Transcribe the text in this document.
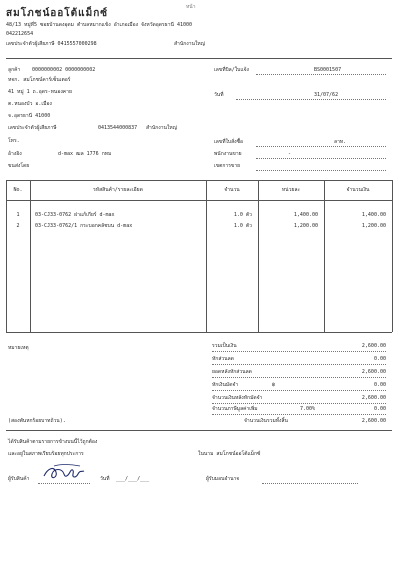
หน้า
สมโภชน์ออโต้แม็กซ์
48/13 หมู่ที่5 ซอยบ้านดงอุดม ตำบลหมากแข้ง อำเภอเมือง จังหวัดอุดรธานี 41000
042212654
เลขประจำตัวผู้เสียภาษี 0415557000298	สำนักงานใหญ่
ลูกค้า 0000000002 0000000002
หจก. สมโภชน์คาร์เซ็นเตอร์
41 หมู่ 1 ถ.อุดร-หนองคาย
ต.หนองบัว อ.เมือง
จ.อุดรธานี 41000
เลขประจำตัวผู้เสียภาษี	0413544000837 สำนักงานใหญ่
โทร.
อ้างอิง	d-max ฒล 1776 กทม
ขนส่งโดย
เลขที่บิล/ใบแจ้ง	BS0001507
วันที่	31/07/62
เลขที่ใบสั่งซื้อ	ลาท.
พนักงานขาย	-
เขตการขาย
No.	รหัสสินค้า/รายละเอียด	จำนวน	หน่วยละ	จำนวนเงิน
1	03-CJ33-0762 ฝาแก้เกียร์ d-max	1.0 ตัว	1,400.00	1,400.00
2	03-CJ33-0762/1 กระบอกคลัชบน d-max	1.0 ตัว	1,200.00	1,200.00
หมายเหตุ	รวมเป็นเงิน	2,600.00
หักส่วนลด	0.00
ยอดหลังหักส่วนลด	2,600.00
หักเงินมัดจำ	฿	0.00
จำนวนเงินหลังหักมัดจำ	2,600.00
จำนวนภาษีมูลค่าเพิ่ม	7.00%	0.00
จำนวนเงินรวมทั้งสิ้น	2,600.00
(สองพันหกร้อยบาทถ้วน).
ได้รับสินค้าตามรายการข้างบนนี้ไว้ถูกต้อง
และอยู่ในสภาพเรียบร้อยทุกประการ	ในนาม สมโภชน์ออโต้แม็กซ์
ผู้รับสินค้า	วันที่ ___/___/___	ผู้รับมอบอำนาจ
